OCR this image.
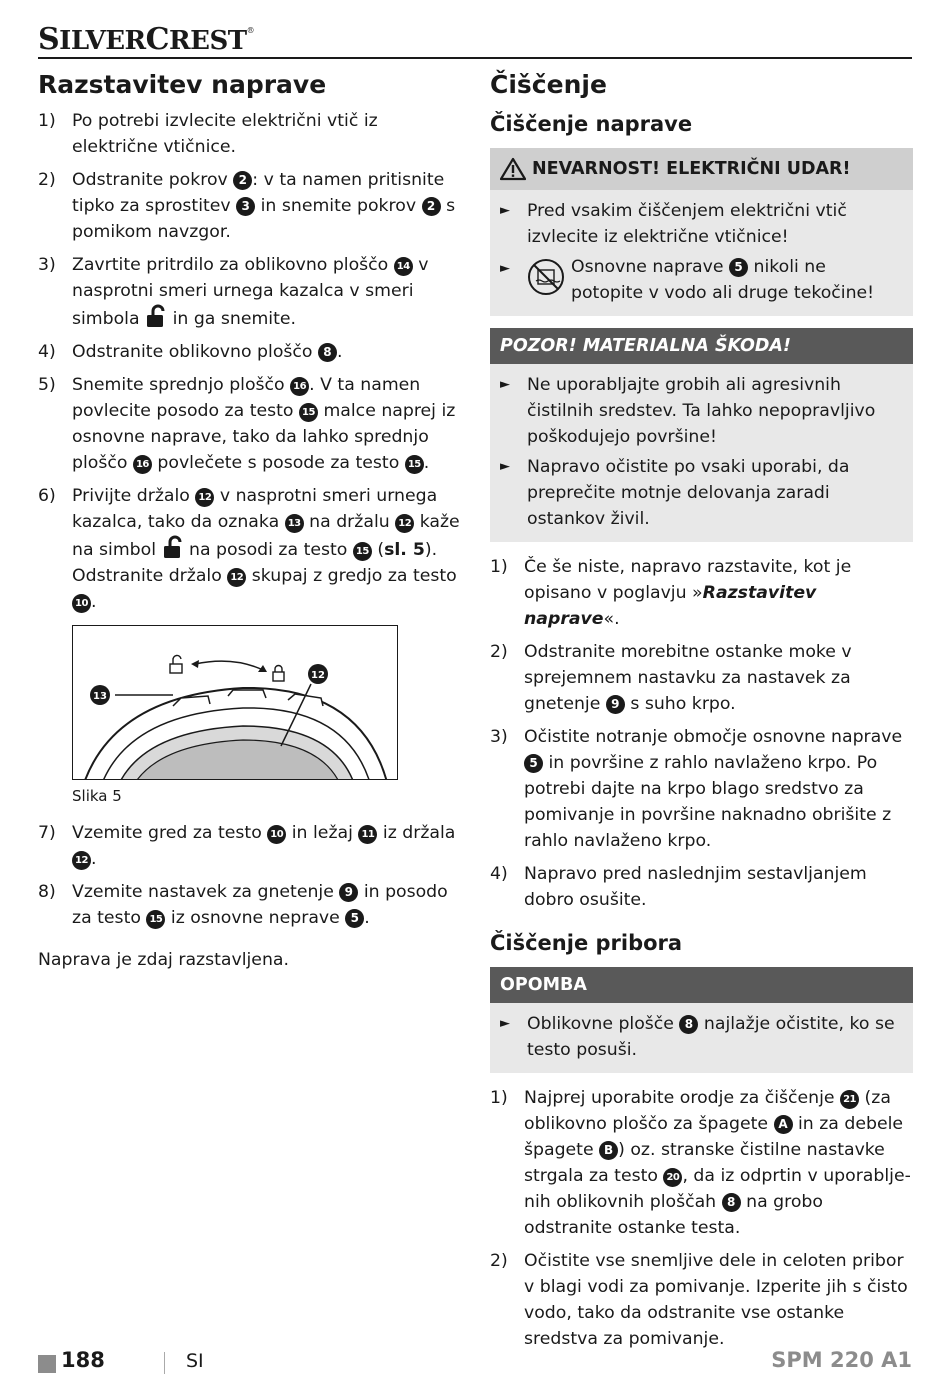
SILVERCREST®
Razstavitev naprave
1) Po potrebi izvlecite električni vtič iz električne vtičnice.
2) Odstranite pokrov 2 : v ta namen pritisnite tipko za sprostitev 3 in snemite pokrov 2 s pomikom navzgor.
3) Zavrtite pritrdilo za oblikovno ploščo 14 v nasprotni smeri urnega kazalca v smeri simbola  in ga snemite.
4) Odstranite oblikovno ploščo 8 .
5) Snemite sprednjo ploščo 16 . V ta namen povlecite posodo za testo 15 malce naprej iz osnovne naprave, tako da lahko sprednjo ploščo 16 povlečete s posode za testo 15 .
6) Privijte držalo 12 v nasprotni smeri urnega kazalca, tako da oznaka 13 na držalu 12 kaže na simbol  na posodi za testo 15 (sl. 5). Odstranite držalo 12 skupaj z gredjo za testo 10 .
13
12
Slika 5
7) Vzemite gred za testo 10 in ležaj 11 iz držala 12 .
8) Vzemite nastavek za gnetenje 9 in posodo za testo 15 iz osnovne neprave 5 .

Naprava je zdaj razstavljena.

Čiščenje
Čiščenje naprave
NEVARNOST! ELEKTRIČNI UDAR!
► Pred vsakim čiščenjem električni vtič izvlecite iz električne vtičnice!
►	Osnovne naprave 5 nikoli ne potopite v vodo ali druge tekočine!
POZOR! MATERIALNA ŠKODA!
► Ne uporabljajte grobih ali agresivnih čistilnih sredstev. Ta lahko nepopravljivo poškodujejo površine!
► Napravo očistite po vsaki uporabi, da preprečite motnje delovanja zaradi ostankov živil.
1) Če še niste, napravo razstavite, kot je opisano v poglavju »Razstavitev naprave«.
2) Odstranite morebitne ostanke moke v sprejemnem nastavku za nastavek za gnetenje 9 s suho krpo.
3) Očistite notranje območje osnovne naprave 5 in površine z rahlo navlaženo krpo. Po potrebi dajte na krpo blago sredstvo za pomivanje in površine naknadno obrišite z rahlo navlaženo krpo.
4) Napravo pred naslednjim sestavljanjem dobro osušite.
Čiščenje pribora
OPOMBA
► Oblikovne plošče 8 najlažje očistite, ko se testo posuši.
1) Najprej uporabite orodje za čiščenje 21 (za oblikovno ploščo za špagete A in za debele špagete B ) oz. stranske čistilne nastavke strgala za testo 20 , da iz odprtin v uporabljenih oblikovnih ploščah 8 na grobo odstranite ostanke testa.
2) Očistite vse snemljive dele in celoten pribor v blagi vodi za pomivanje. Izperite jih s čisto vodo, tako da odstranite vse ostanke sredstva za pomivanje.
188	SI	SPM 220 A1
